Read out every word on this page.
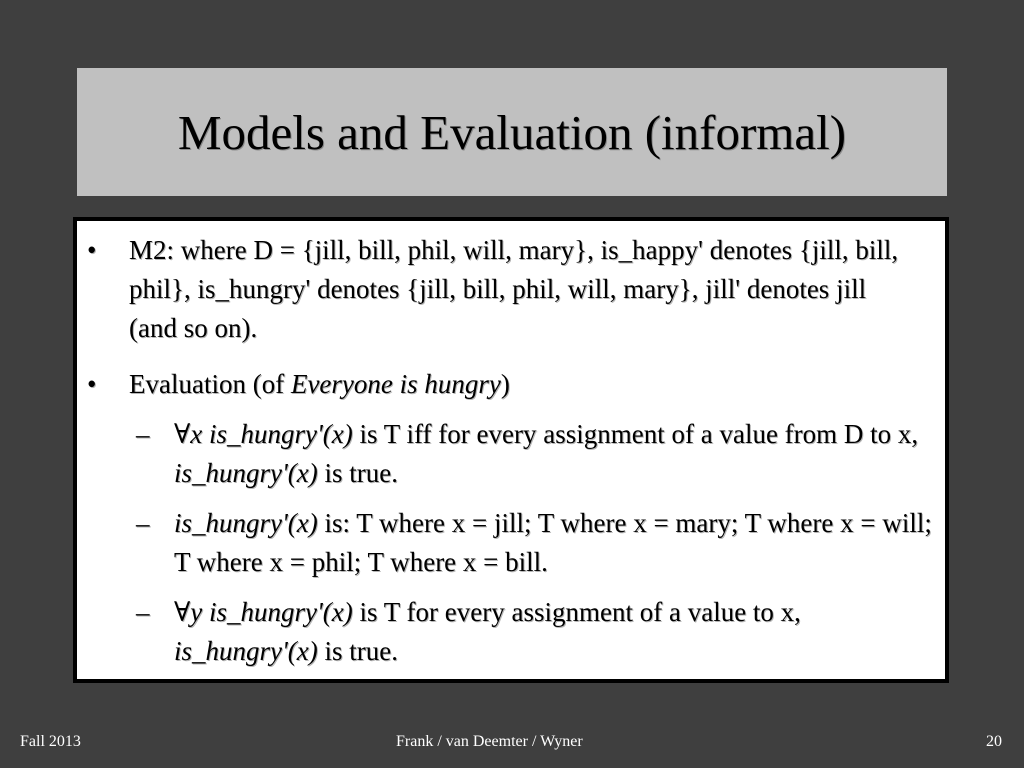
Models and Evaluation (informal)
•	M2: where D = {jill, bill, phil, will, mary}, is_happy' denotes {jill, bill, phil}, is_hungry' denotes {jill, bill, phil, will, mary}, jill' denotes jill (and so on).
•	Evaluation (of Everyone is hungry)
– ∀x is_hungry'(x) is T iff for every assignment of a value from D to x, is_hungry'(x) is true.
– is_hungry'(x) is: T where x = jill; T where x = mary; T where x = will; T where x = phil; T where x = bill.
– ∀y is_hungry'(x) is T for every assignment of a value to x, is_hungry'(x) is true.
Fall 2013	Frank / van Deemter / Wyner	20
